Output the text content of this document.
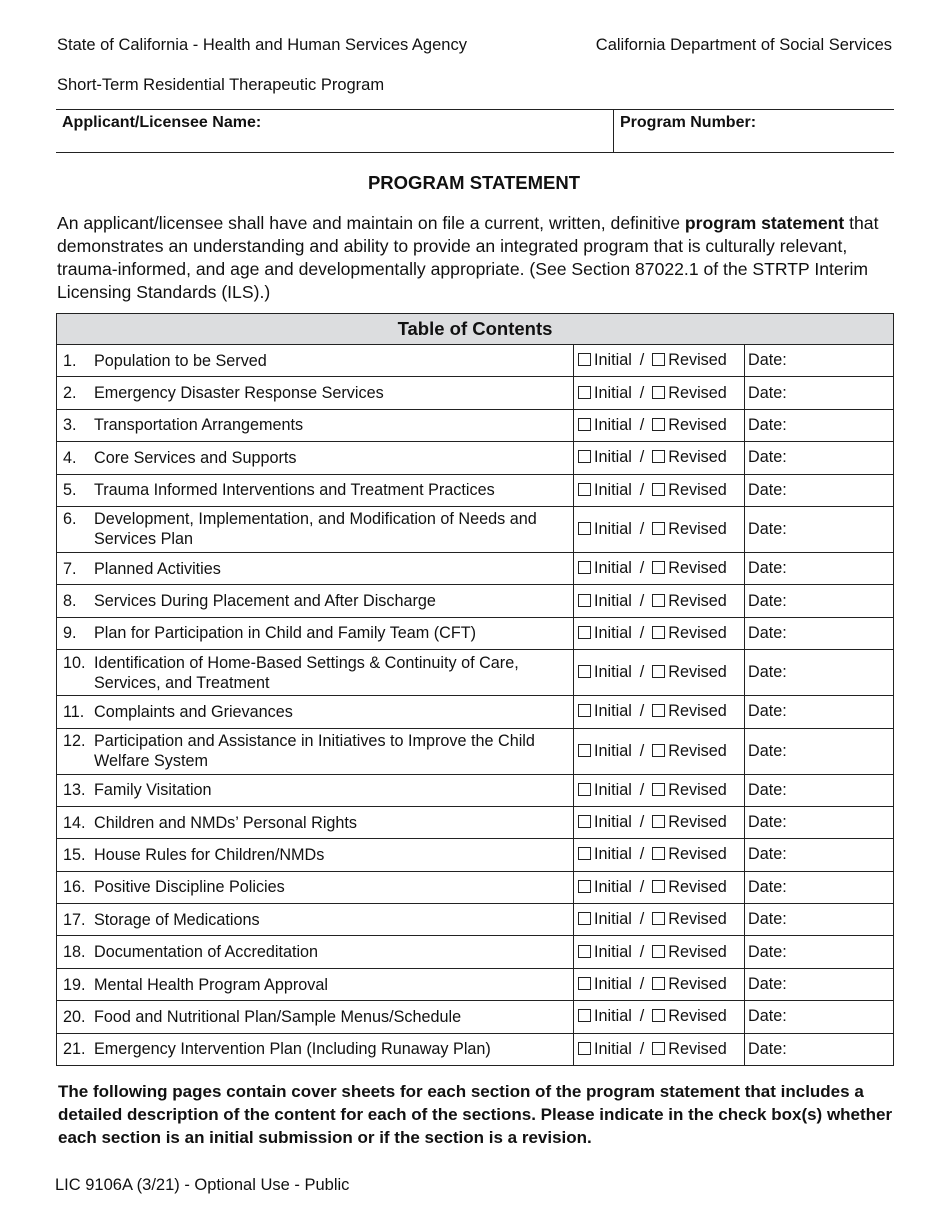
State of California - Health and Human Services Agency	California Department of Social Services
Short-Term Residential Therapeutic Program
Applicant/Licensee Name:	Program Number:
PROGRAM STATEMENT
An applicant/licensee shall have and maintain on file a current, written, definitive program statement that demonstrates an understanding and ability to provide an integrated program that is culturally relevant, trauma-informed, and age and developmentally appropriate. (See Section 87022.1 of the STRTP Interim Licensing Standards (ILS).)
Table of Contents		

1. Population to be Served	Initial / Revised	Date:

2. Emergency Disaster Response Services	Initial / Revised	Date:

3. Transportation Arrangements	Initial / Revised	Date:

4. Core Services and Supports	Initial / Revised	Date:

5. Trauma Informed Interventions and Treatment Practices	Initial / Revised	Date:

6. Development, Implementation, and Modification of Needs and Services Plan	Initial / Revised	Date:

7. Planned Activities	Initial / Revised	Date:

8. Services During Placement and After Discharge	Initial / Revised	Date:

9. Plan for Participation in Child and Family Team (CFT)	Initial / Revised	Date:

10. Identification of Home-Based Settings & Continuity of Care, Services, and Treatment	Initial / Revised	Date:

11. Complaints and Grievances	Initial / Revised	Date:

12. Participation and Assistance in Initiatives to Improve the Child Welfare System	Initial / Revised	Date:

13. Family Visitation	Initial / Revised	Date:

14. Children and NMDs’ Personal Rights	Initial / Revised	Date:

15. House Rules for Children/NMDs	Initial / Revised	Date:

16. Positive Discipline Policies	Initial / Revised	Date:

17. Storage of Medications	Initial / Revised	Date:

18. Documentation of Accreditation	Initial / Revised	Date:

19. Mental Health Program Approval	Initial / Revised	Date:

20. Food and Nutritional Plan/Sample Menus/Schedule	Initial / Revised	Date:

21. Emergency Intervention Plan (Including Runaway Plan)	Initial / Revised	Date:
The following pages contain cover sheets for each section of the program statement that includes a detailed description of the content for each of the sections. Please indicate in the check box(s) whether each section is an initial submission or if the section is a revision.
LIC 9106A (3/21) - Optional Use - Public
